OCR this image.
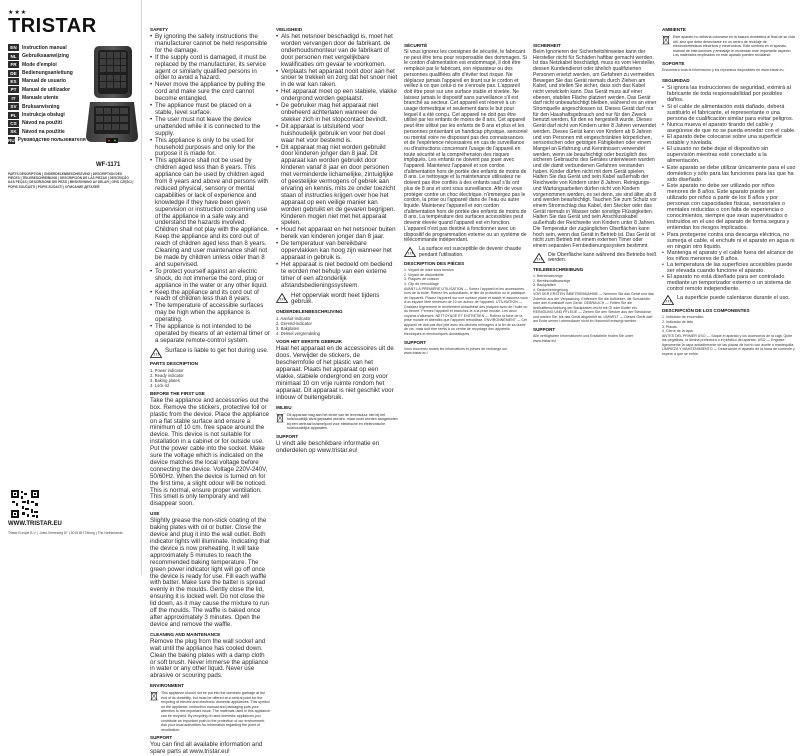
★★★
TRISTAR
EN	Instruction manual
NL	Gebruiksaanwijzing
FR	Mode d'emploi
DE	Bedienungsanleitung
ES	Manual de usuario
PT	Manual de utilizador
IT	Manuale utente
SV	Bruksanvisning
PL	Instrukcja obsługi
CS	Návod na použití
SK	Návod na použitie
RU Руководство пользователя
WF-1171
PARTS DESCRIPTION | ONDERDELENBESCHRIJVING | DESCRIPTION DES PIÈCES | TEILEBESCHREIBUNG | DESCRIPCIÓN DE LAS PIEZAS | DESCRIÇÃO DAS PEÇAS | DESCRIZIONE DEI PEZZI | BESKRIVNING AV DELAR | OPIS CZĘŚCI | POPIS SOUČÁSTÍ | POPIS SÚČASTÍ | ОПИСАНИЕ ДЕТАЛЕЙ
WWW.TRISTAR.EU
Tristar Europe B.V. | Jules Verneweg 87 | 5015 BH Tilburg | The Netherlands
SAFETY
• By ignoring the safety instructions the manufacturer cannot be held responsible for the damage.
• If the supply cord is damaged, it must be replaced by the manufacturer, its service agent or similarly qualified persons in order to avoid a hazard.
• Never move the appliance by pulling the cord and make sure the cord cannot become entangled.
• The appliance must be placed on a stable, level surface.
• The user must not leave the device unattended while it is connected to the supply.
• This appliance is only to be used for household purposes and only for the purpose it is made for.
• This appliance shall not be used by children aged less than 8 years. This appliance can be used by children aged from 8 years and above and persons with reduced physical, sensory or mental capabilities or lack of experience and knowledge if they have been given supervision or instruction concerning use of the appliance in a safe way and understand the hazards involved. Children shall not play with the appliance. Keep the appliance and its cord out of reach of children aged less than 8 years. Cleaning and user maintenance shall not be made by children unless older than 8 and supervised.
• To protect yourself against an electric shock, do not immerse the cord, plug or appliance in the water or any other liquid.
• Keep the appliance and its cord out of reach of children less than 8 years.
• The temperature of accessible surfaces may be high when the appliance is operating.
• The appliance is not intended to be operated by means of an external timer or a separate remote-control system.
Surface is liable to get hot during use.
PARTS DESCRIPTION
1. Power indicator
2. Ready indicator
3. Baking plates
4. Lock lid
BEFORE THE FIRST USE

Take the appliance and accessories out the box. Remove the stickers, protective foil or plastic from the device. Place the appliance on a flat stable surface and ensure a minimum of 10 cm. free space around the device. This device is not suitable for installation in a cabinet or for outside use. Put the power cable into the socket. Make sure the voltage which is indicated on the device matches the local voltage before connecting the device. Voltage 220V-240V, 50/60Hz. When the device is turned on for the first time, a slight odour will be noticed. This is normal, ensure proper ventilation. This smell is only temporary and will disappear soon.

USE

Slightly grease the non-stick coating of the baking plates with oil or butter. Close the device and plug it into the wall outlet. Both indicator lights will illuminate. Indicating that the device is now preheating. It will take approximately 5 minutes to reach the recommended baking temperature. The green power indicator light will go off once the device is ready for use. Fill each waffle with batter. Make sure the batter is spread evenly in the moulds. Gently close the lid, ensuring it is locked well. Do not close the lid down, as it may cause the mixture to run off the moulds. The waffle is baked once after approximately 3 minutes. Open the device and remove the waffle.

CLEANING AND MAINTENANCE

Remove the plug from the wall socket and wait until the appliance has cooled down. Clean the baking plates with a damp cloth or soft brush. Never immerse the appliance in water or any other liquid. Never use abrasive or scouring pads.

ENVIRONMENT
This appliance should not be put into the domestic garbage at the end of its durability, but must be offered at a central point for the recycling of electric and electronic domestic appliances. This symbol on the appliance, instruction manual and packaging puts your attention to this important issue. The materials used in this appliance can be recycled. By recycling of used domestic appliances you contribute an important push to the protection of our environment. Ask your local authorities for information regarding the point of recollection.
SUPPORT

You can find all available information and spare parts at www.tristar.eu!

VEILIGHEID
• Als het netsnoer beschadigd is, moet het worden vervangen door de fabrikant, de onderhoudsmonteur van de fabrikant of door personen met vergelijkbare kwalificaties om gevaar te voorkomen.
• Verplaats het apparaat nooit door aan het snoer te trekken en zorg dat het snoer niet in de war kan raken.
• Het apparaat moet op een stabiele, vlakke ondergrond worden geplaatst.
• De gebruiker mag het apparaat niet onbeheerd achterlaten wanneer de stekker zich in het stopcontact bevindt.
• Dit apparaat is uitsluitend voor huishoudelijk gebruik en voor het doel waar het voor bestemd is.
• Dit apparaat mag niet worden gebruikt door kinderen jonger dan 8 jaar. Dit apparaat kan worden gebruikt door kinderen vanaf 8 jaar en door personen met verminderde lichamelijke, zintuiglijke of geestelijke vermogens of gebrek aan ervaring en kennis, mits ze onder toezicht staan of instructies krijgen over hoe het apparaat op een veilige manier kan worden gebruikt en de gevaren begrijpen. Kinderen mogen niet met het apparaat spelen.
• Houd het apparaat en het netsnoer buiten bereik van kinderen jonger dan 8 jaar.
• De temperatuur van bereikbare oppervlakken kan hoog zijn wanneer het apparaat in gebruik is.
• Het apparaat is niet bedoeld om bediend te worden met behulp van een externe timer of een afzonderlijk afstandsbedieningssysteem.
Het oppervlak wordt heet tijdens gebruik.
ONDERDELENBESCHRIJVING
1. Aan/uit-indicator
2. Gereed-indicator
3. Bakplaten
4. Deksel vergrendeling
VOOR HET EERSTE GEBRUIK

Haal het apparaat en de accessoires uit de doos. Verwijder de stickers, de beschermfolie of het plastic van het apparaat. Plaats het apparaat op een vlakke, stabiele ondergrond en zorg voor minimaal 10 cm vrije ruimte rondom het apparaat. Dit apparaat is niet geschikt voor inbouw of buitengebruik.

MILIEU
Dit apparaat mag aan het einde van de levensduur niet bij het huishoudelijk afval geplaatst worden, maar moet worden aangeboden bij een centraal inzamelpunt voor elektrische en elektronische huishoudelijke apparaten.
SUPPORT

U vindt alle beschikbare informatie en onderdelen op www.tristar.eu!

SÉCURITÉ

Si vous ignorez les consignes de sécurité, le fabricant ne peut être tenu pour responsable des dommages. Si le cordon d'alimentation est endommagé, il doit être remplacé par le fabricant, son réparateur ou des personnes qualifiées afin d'éviter tout risque. Ne déplacez jamais l'appareil en tirant sur le cordon et veillez à ce que celui-ci ne s'enroule pas. L'appareil doit être posé sur une surface stable et nivelée. Ne laissez jamais le dispositif sans surveillance s'il est branché au secteur. Cet appareil est réservé à un usage domestique et seulement dans le but pour lequel il a été conçu. Cet appareil ne doit pas être utilisé par les enfants de moins de 8 ans. Cet appareil peut être utilisé par les enfants de 8 ans et plus et les personnes présentant un handicap physique, sensoriel ou mental voire ne disposant pas des connaissances et de l'expérience nécessaires en cas de surveillance ou d'instructions concernant l'usage de l'appareil en toute sécurité et la compréhension des risques impliqués. Les enfants ne doivent pas jouer avec l'appareil. Maintenez l'appareil et son cordon d'alimentation hors de portée des enfants de moins de 8 ans. Le nettoyage et la maintenance utilisateur ne doivent pas être confiés à des enfants sauf s'ils ont plus de 8 ans et sont sous surveillance. Afin de vous protéger contre un choc électrique, n'immergez pas le cordon, la prise ou l'appareil dans de l'eau ou autre liquide. Maintenez l'appareil et son cordon d'alimentation hors de portée des enfants de moins de 8 ans. La température des surfaces accessibles peut devenir élevée quand l'appareil est en fonction. L'appareil n'est pas destiné à fonctionner avec un dispositif de programmation externe ou un système de télécommande indépendant.

La surface est susceptible de devenir chaude pendant l'utilisation.
DESCRIPTION DES PIÈCES
1. Voyant de mise sous tension
2. Voyant de disponibilité
3. Plaques de cuisson
4. Clip de verrouillage

AVANT LA PREMIÈRE UTILISATION — Sortez l'appareil et les accessoires hors de la boîte. Retirez les autocollants, le film de protection ou le plastique de l'appareil. Placez l'appareil sur une surface plane et stable et assurez-vous d'un espace libre minimum de 10 cm autour de l'appareil. UTILISATION — Graissez légèrement le revêtement antiadhésif des plaques avec de l'huile ou du beurre. Fermez l'appareil et branchez-le à la prise murale. Les deux voyants s'allument. NETTOYAGE ET ENTRETIEN — Retirez la fiche de la prise murale et attendez que l'appareil refroidisse. ENVIRONNEMENT — Cet appareil ne doit pas être jeté avec les déchets ménagers à la fin de sa durée de vie, mais doit être remis à un centre de recyclage des appareils électriques et électroniques domestiques.

SUPPORT

Vous trouverez toutes les informations et pièces de rechange sur www.tristar.eu !

SICHERHEIT

Beim Ignorieren der Sicherheitshinweise kann der Hersteller nicht für Schäden haftbar gemacht werden. Ist das Netzkabel beschädigt, muss es vom Hersteller, dessen Kundendienst oder ähnlich qualifizierten Personen ersetzt werden, um Gefahren zu vermeiden. Bewegen Sie das Gerät niemals durch Ziehen am Kabel, und stellen Sie sicher, dass sich das Kabel nicht verwickeln kann. Das Gerät muss auf einer ebenen, stabilen Fläche platziert werden. Das Gerät darf nicht unbeaufsichtigt bleiben, während es an einer Stromquelle angeschlossen ist. Dieses Gerät darf nur für den Haushaltsgebrauch und nur für den Zweck benutzt werden, für den es hergestellt wurde. Dieses Gerät darf nicht von Kindern unter 8 Jahren verwendet werden. Dieses Gerät kann von Kindern ab 8 Jahren und von Personen mit eingeschränkten körperlichen, sensorischen oder geistigen Fähigkeiten oder einem Mangel an Erfahrung und Kenntnissen verwendet werden, wenn sie beaufsichtigt oder bezüglich des sicheren Gebrauchs des Gerätes unterwiesen wurden und die damit verbundenen Gefahren verstanden haben. Kinder dürfen nicht mit dem Gerät spielen. Halten Sie das Gerät und sein Kabel außerhalb der Reichweite von Kindern unter 8 Jahren. Reinigungs- und Wartungsarbeiten dürfen nicht von Kindern vorgenommen werden, es sei denn, sie sind älter als 8 und werden beaufsichtigt. Tauchen Sie zum Schutz vor einem Stromschlag das Kabel, den Stecker oder das Gerät niemals in Wasser oder sonstige Flüssigkeiten. Halten Sie das Gerät und sein Anschlusskabel außerhalb der Reichweite von Kindern unter 8 Jahren. Die Temperatur der zugänglichen Oberflächen kann hoch sein, wenn das Gerät in Betrieb ist. Das Gerät ist nicht zum Betrieb mit einem externen Timer oder einem separaten Fernbedienungssystem bestimmt.

Die Oberfläche kann während des Betriebs heiß werden.
TEILEBESCHREIBUNG
1. Betriebsanzeige
2. Bereitschaftsanzeige
3. Backplatten
4. Deckelverriegelung

VOR DER ERSTEN INBETRIEBNAHME — Nehmen Sie das Gerät und das Zubehör aus der Verpackung. Entfernen Sie die Aufkleber, die Schutzfolie oder den Kunststoff vom Gerät. GEBRAUCH — Fetten Sie die Antihaftbeschichtung der Backplatten leicht mit Öl oder Butter ein. REINIGUNG UND PFLEGE — Ziehen Sie den Stecker aus der Steckdose und warten Sie, bis das Gerät abgekühlt ist. UMWELT — Dieses Gerät darf am Ende seiner Lebensdauer nicht im Hausmüll entsorgt werden.

SUPPORT

Alle verfügbaren Informationen und Ersatzteile finden Sie unter www.tristar.eu!

AMBIENTE
Este aparato no debería colocarse en la basura doméstica al final de su vida útil, sino que debe desecharse en un centro de reciclaje de electrodomésticos eléctricos y electrónicos. Este símbolo en el aparato, manual de instrucciones y embalaje le recuerdan este importante aspecto. Los materiales empleados en este aparato pueden reciclarse.
SOPORTE

Encontrará toda la información y los repuestos disponibles en www.tristar.eu.

SEGURIDAD
• Si ignora las instrucciones de seguridad, eximirá al fabricante de toda responsabilidad por posibles daños.
• Si el cable de alimentación está dañado, deberá sustituirlo el fabricante, el representante o una persona de cualificación similar para evitar peligros.
• Nunca mueva el aparato tirando del cable y asegúrese de que no se pueda enredar con el cable.
• El aparato debe colocarse sobre una superficie estable y nivelada.
• El usuario no debe dejar el dispositivo sin supervisión mientras esté conectado a la alimentación.
• Este aparato se debe utilizar únicamente para el uso doméstico y sólo para las funciones para las que ha sido diseñado.
• Este aparato no debe ser utilizado por niños menores de 8 años. Este aparato puede ser utilizado por niños a partir de los 8 años y por personas con capacidades físicas, sensoriales o mentales reducidas o con falta de experiencia o conocimientos, siempre que sean supervisados o instruidos en el uso del aparato de forma segura y entiendan los riesgos implicados.
• Para protegerse contra una descarga eléctrica, no sumerja el cable, el enchufe ni el aparato en agua ni en ningún otro líquido.
• Mantenga el aparato y el cable fuera del alcance de los niños menores de 8 años.
• La temperatura de las superficies accesibles puede ser elevada cuando funcione el aparato.
• El aparato no está diseñado para ser controlado mediante un temporizador externo o un sistema de control remoto independiente.
La superficie puede calentarse durante el uso.
DESCRIPCIÓN DE LOS COMPONENTES
1. Indicador de encendido
2. Indicador de listo
3. Placas
4. Cierre de la tapa

ANTES DEL PRIMER USO — Saque el aparato y los accesorios de la caja. Quite las pegatinas, la lámina protectora o el plástico del aparato. USO — Engrase ligeramente la capa antiadherente de las placas de horno con aceite o mantequilla. LIMPIEZA Y MANTENIMIENTO — Desenchufe el aparato de la toma de corriente y espere a que se enfríe.
